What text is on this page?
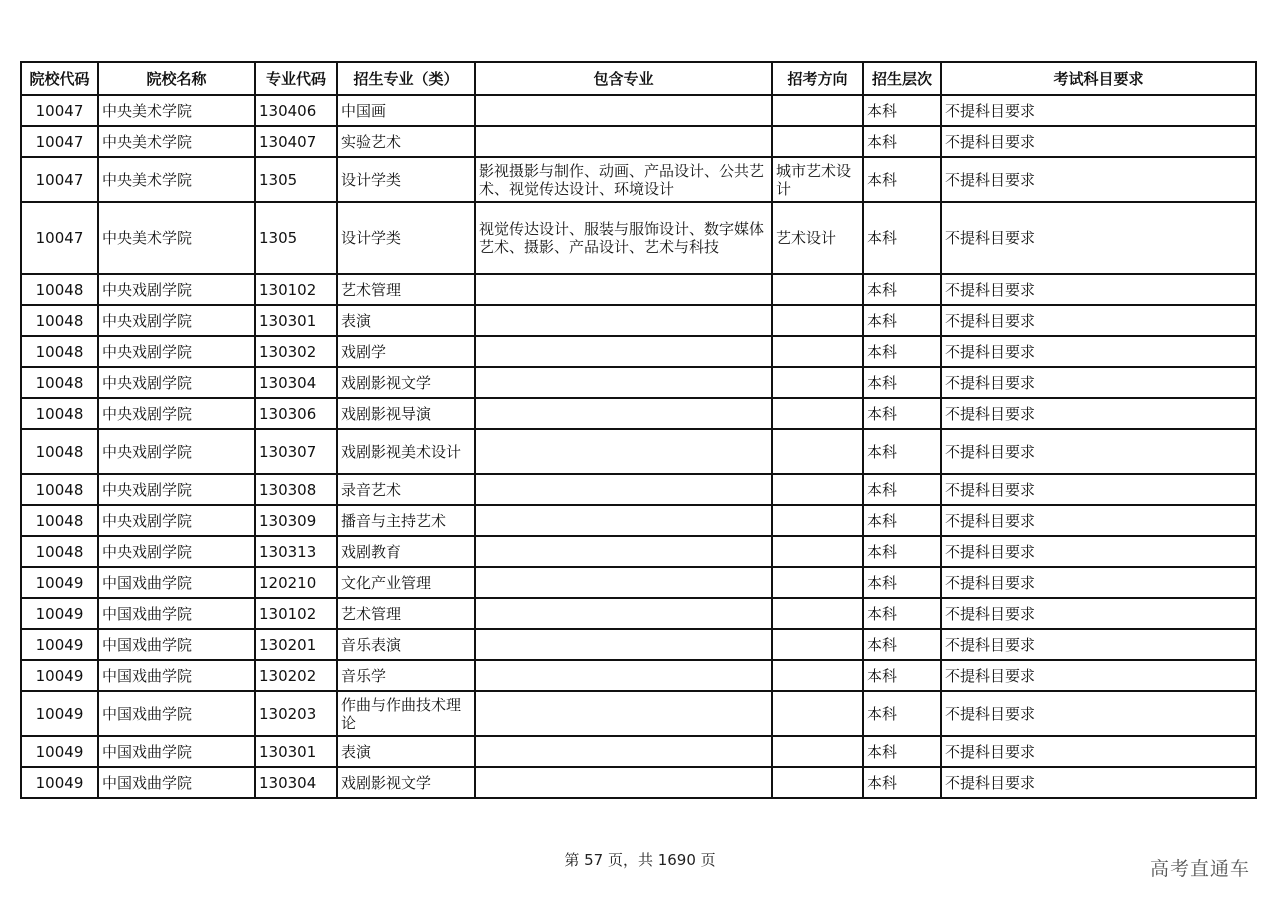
院校代码	院校名称	专业代码	招生专业（类）	包含专业	招考方向	招生层次	考试科目要求
10047	中央美术学院	130406	中国画			本科	不提科目要求
10047	中央美术学院	130407	实验艺术			本科	不提科目要求
10047	中央美术学院	1305	设计学类	影视摄影与制作、动画、产品设计、公共艺术、视觉传达设计、环境设计	城市艺术设计	本科	不提科目要求
10047	中央美术学院	1305	设计学类	视觉传达设计、服装与服饰设计、数字媒体艺术、摄影、产品设计、艺术与科技	艺术设计	本科	不提科目要求
10048	中央戏剧学院	130102	艺术管理			本科	不提科目要求
10048	中央戏剧学院	130301	表演			本科	不提科目要求
10048	中央戏剧学院	130302	戏剧学			本科	不提科目要求
10048	中央戏剧学院	130304	戏剧影视文学			本科	不提科目要求
10048	中央戏剧学院	130306	戏剧影视导演			本科	不提科目要求
10048	中央戏剧学院	130307	戏剧影视美术设计			本科	不提科目要求
10048	中央戏剧学院	130308	录音艺术			本科	不提科目要求
10048	中央戏剧学院	130309	播音与主持艺术			本科	不提科目要求
10048	中央戏剧学院	130313	戏剧教育			本科	不提科目要求
10049	中国戏曲学院	120210	文化产业管理			本科	不提科目要求
10049	中国戏曲学院	130102	艺术管理			本科	不提科目要求
10049	中国戏曲学院	130201	音乐表演			本科	不提科目要求
10049	中国戏曲学院	130202	音乐学			本科	不提科目要求
10049	中国戏曲学院	130203	作曲与作曲技术理论			本科	不提科目要求
10049	中国戏曲学院	130301	表演			本科	不提科目要求
10049	中国戏曲学院	130304	戏剧影视文学			本科	不提科目要求
第 57 页，共 1690 页	高考直通车
